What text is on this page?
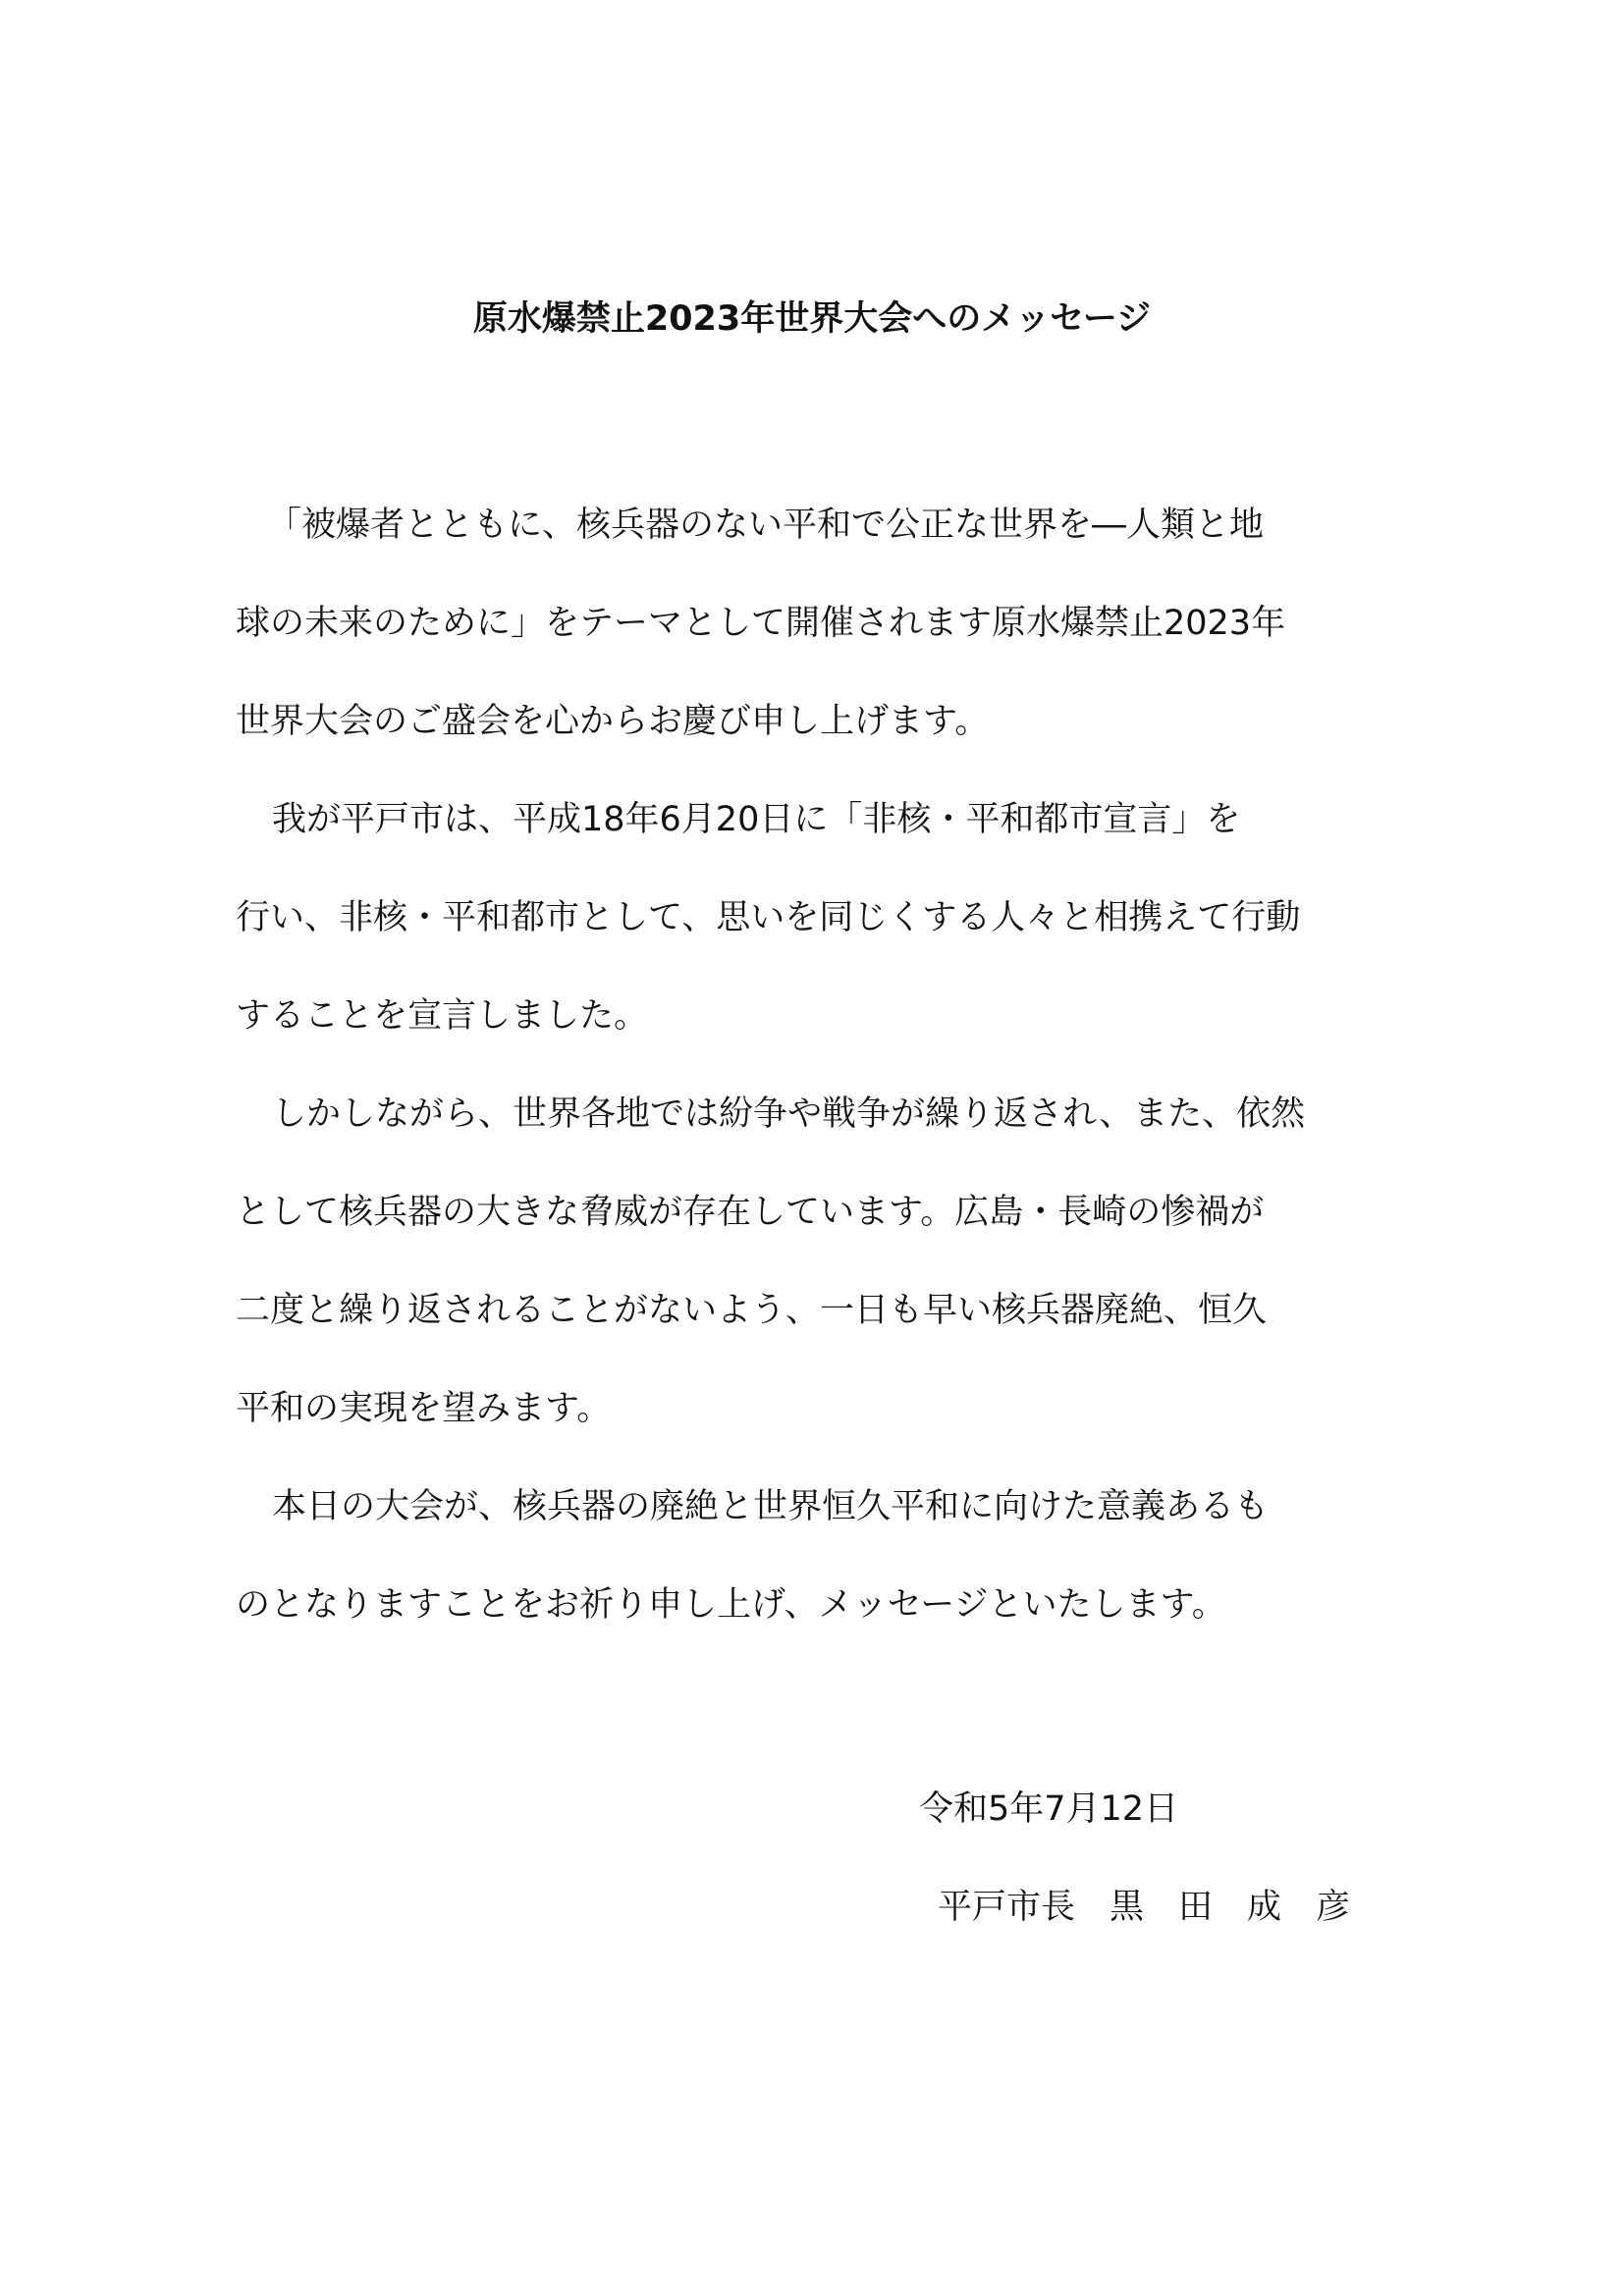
原水爆禁止2023年世界大会へのメッセージ
「被爆者とともに、核兵器のない平和で公正な世界を―人類と地
球の未来のために」をテーマとして開催されます原水爆禁止2023年
世界大会のご盛会を心からお慶び申し上げます。
我が平戸市は、平成18年6月20日に「非核・平和都市宣言」を
行い、非核・平和都市として、思いを同じくする人々と相携えて行動
することを宣言しました。
しかしながら、世界各地では紛争や戦争が繰り返され、また、依然
として核兵器の大きな脅威が存在しています。広島・長崎の惨禍が
二度と繰り返されることがないよう、一日も早い核兵器廃絶、恒久
平和の実現を望みます。
本日の大会が、核兵器の廃絶と世界恒久平和に向けた意義あるも
のとなりますことをお祈り申し上げ、メッセージといたします。
令和5年7月12日
平戸市長　黒　田　成　彦
